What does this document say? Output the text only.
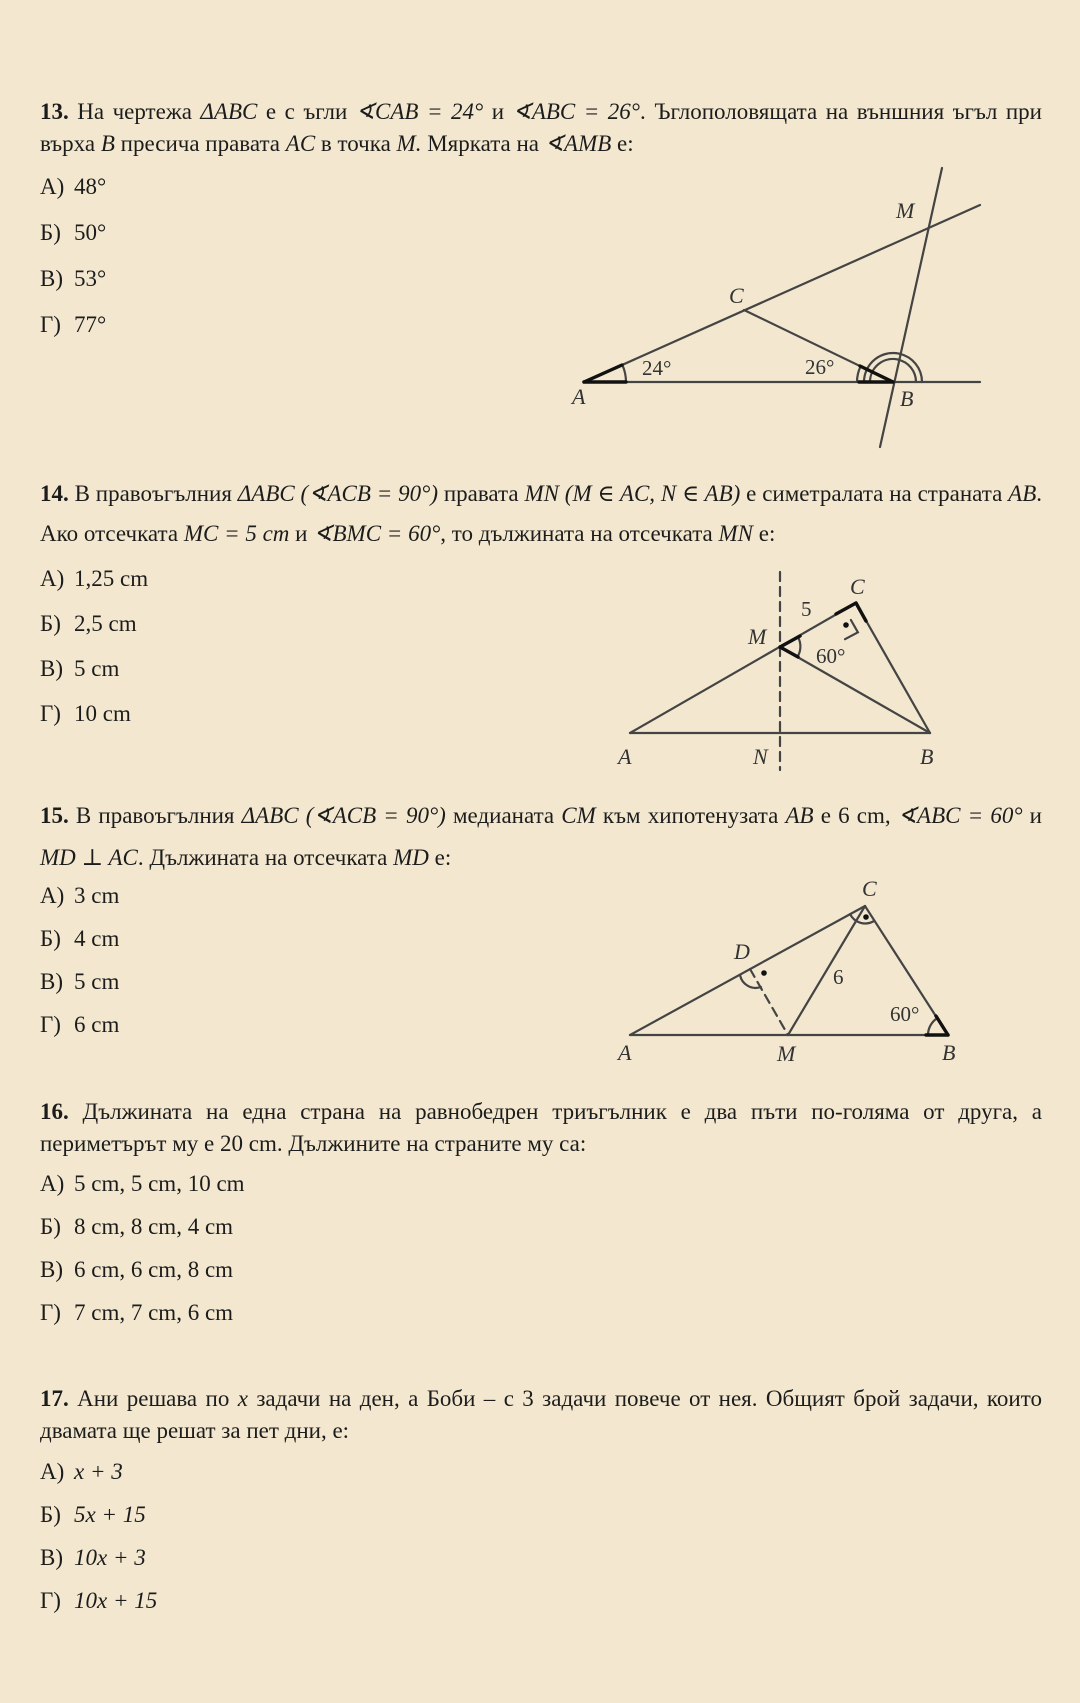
13. На чертежа ΔABC е с ъгли ∢CAB = 24° и ∢ABC = 26°. Ъглополовящата на външния ъгъл при върха B пресича правата AC в точка M. Мярката на ∢AMB е:

А) 48°
Б) 50°
В) 53°
Г) 77°
A	B
C
M
24°	26°

14. В правоъгълния ΔABC (∢ACB = 90°) правата MN (M ∈ AC, N ∈ AB) е симетралата на страната AB. Ако отсечката MC = 5 cm и ∢BMC = 60°, то дължината на отсечката MN е:

А) 1,25 cm
Б) 2,5 cm
В) 5 cm
Г) 10 cm
A	B
C
M
N
5
60°

15. В правоъгълния ΔABC (∢ACB = 90°) медианата CM към хипотенузата AB е 6 cm, ∢ABC = 60° и MD ⊥ AC. Дължината на отсечката MD е:

А) 3 cm
Б) 4 cm
В) 5 cm
Г) 6 cm
A	B
C
D
M
6
60°

16. Дължината на една страна на равнобедрен триъгълник е два пъти по-голяма от друга, а периметърът му е 20 cm. Дължините на страните му са:

А) 5 cm, 5 cm, 10 cm
Б) 8 cm, 8 cm, 4 cm
В) 6 cm, 6 cm, 8 cm
Г) 7 cm, 7 cm, 6 cm

17. Ани решава по x задачи на ден, а Боби – с 3 задачи повече от нея. Общият брой задачи, които двамата ще решат за пет дни, е:

А) x + 3
Б) 5x + 15
В) 10x + 3
Г) 10x + 15
